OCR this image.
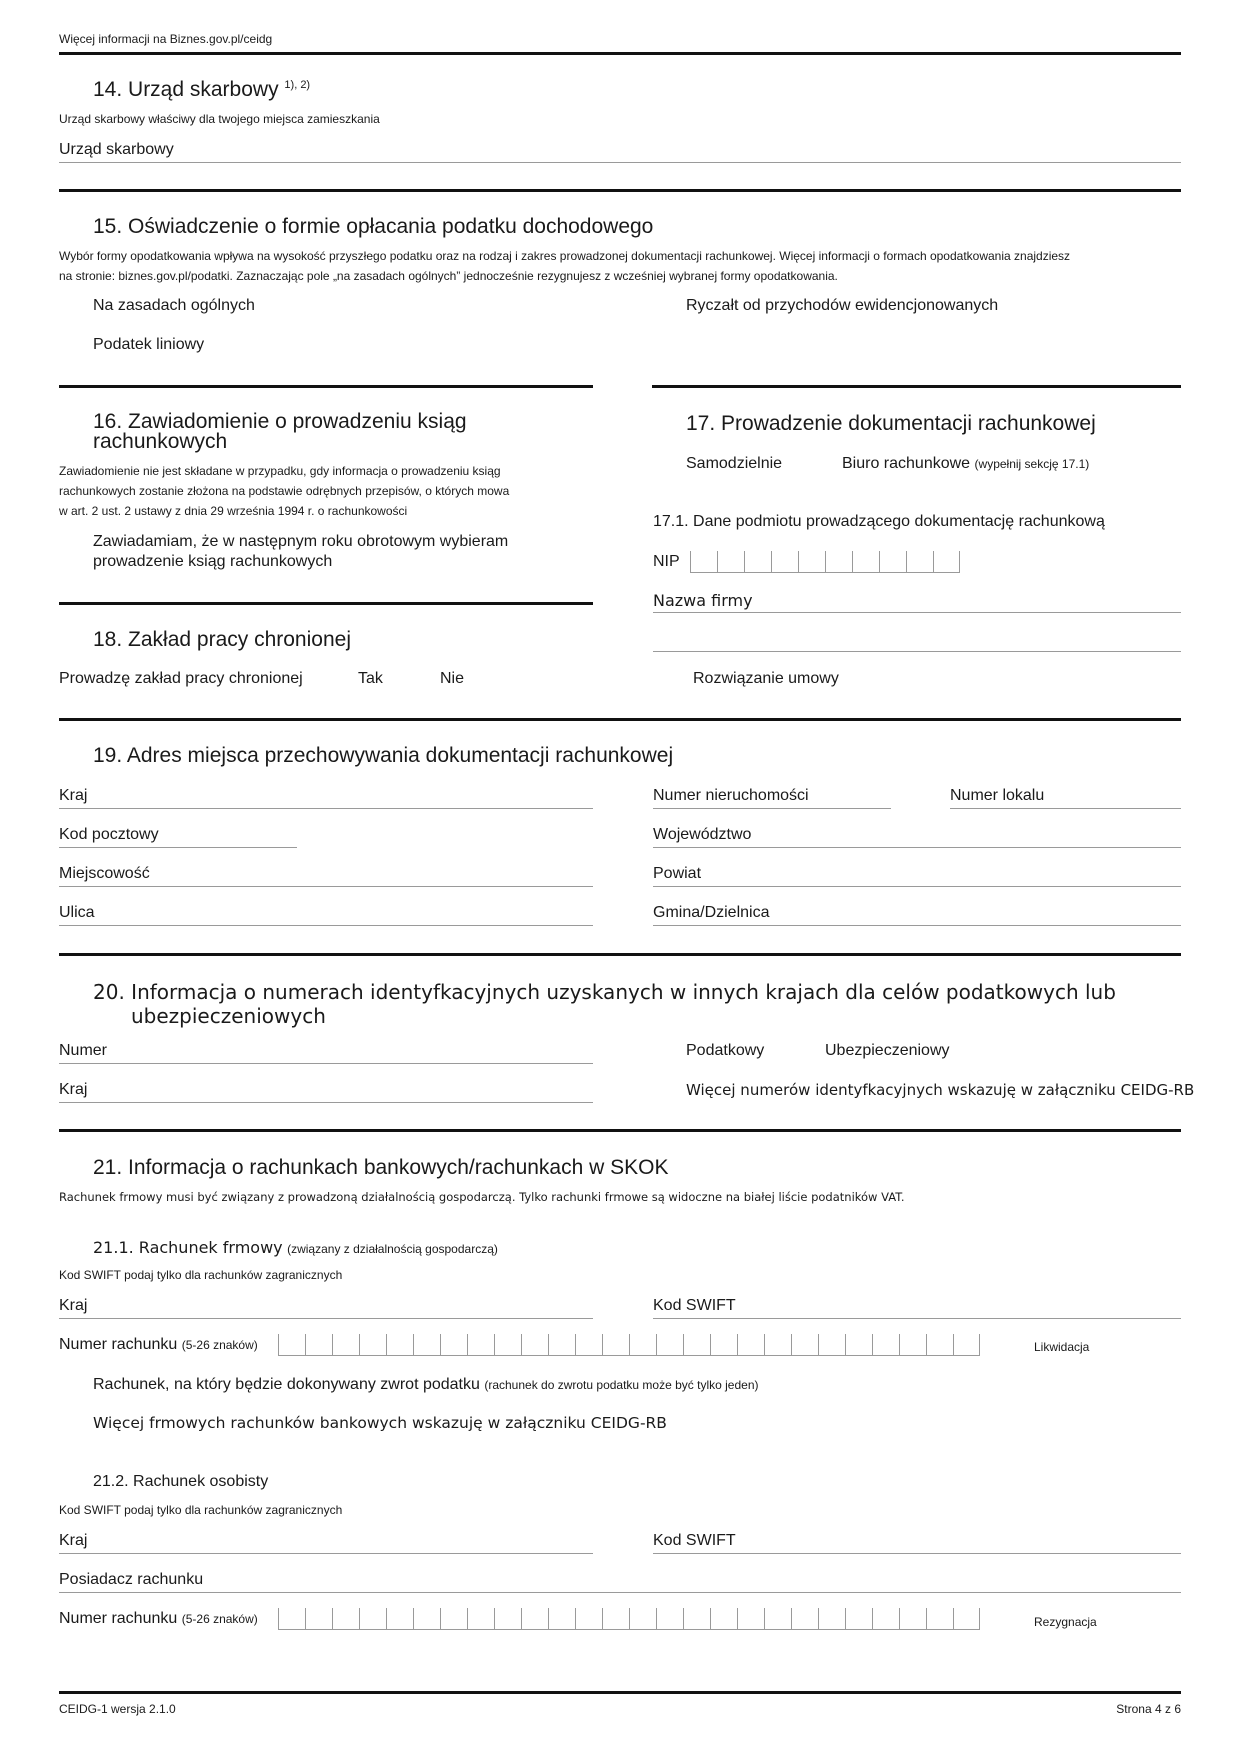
Więcej informacji na Biznes.gov.pl/ceidg
14. Urząd skarbowy $^{1), 2)}$
Urząd skarbowy właściwy dla twojego miejsca zamieszkania
Urząd skarbowy
15. Oświadczenie o formie opłacania podatku dochodowego
Wybór formy opodatkowania wpływa na wysokość przyszłego podatku oraz na rodzaj i zakres prowadzonej dokumentacji rachunkowej. Więcej informacji o formach opodatkowania znajdziesz
na stronie: biznes.gov.pl/podatki. Zaznaczając pole „na zasadach ogólnych” jednocześnie rezygnujesz z wcześniej wybranej formy opodatkowania.
Na zasadach ogólnych	Ryczałt od przychodów ewidencjonowanych
Podatek liniowy
16. Zawiadomienie o prowadzeniu ksiąg
rachunkowych
Zawiadomienie nie jest składane w przypadku, gdy informacja o prowadzeniu ksiąg
rachunkowych zostanie złożona na podstawie odrębnych przepisów, o których mowa
w art. 2 ust. 2 ustawy z dnia 29 września 1994 r. o rachunkowości
Zawiadamiam, że w następnym roku obrotowym wybieram
prowadzenie ksiąg rachunkowych
17. Prowadzenie dokumentacji rachunkowej
Samodzielnie	Biuro rachunkowe (wypełnij sekcję 17.1)
17.1. Dane podmiotu prowadzącego dokumentację rachunkową
NIP
Nazwa firmy
Rozwiązanie umowy
18. Zakład pracy chronionej
Prowadzę zakład pracy chronionej	Tak	Nie
19. Adres miejsca przechowywania dokumentacji rachunkowej
Kraj	Numer nieruchomości	Numer lokalu
Kod pocztowy	Województwo
Miejscowość	Powiat
Ulica	Gmina/Dzielnica
20. Informacja o numerach identyfkacyjnych uzyskanych w innych krajach dla celów podatkowych lub
ubezpieczeniowych
Numer
Kraj
Podatkowy	Ubezpieczeniowy
Więcej numerów identyfkacyjnych wskazuję w załączniku CEIDG-RB
21. Informacja o rachunkach bankowych/rachunkach w SKOK
Rachunek frmowy musi być związany z prowadzoną działalnością gospodarczą. Tylko rachunki frmowe są widoczne na białej liście podatników VAT.
21.1. Rachunek frmowy (związany z działalnością gospodarczą)
Kod SWIFT podaj tylko dla rachunków zagranicznych
Kraj	Kod SWIFT
Numer rachunku (5-26 znaków)	Likwidacja
Rachunek, na który będzie dokonywany zwrot podatku (rachunek do zwrotu podatku może być tylko jeden)
Więcej frmowych rachunków bankowych wskazuję w załączniku CEIDG-RB
21.2. Rachunek osobisty
Kod SWIFT podaj tylko dla rachunków zagranicznych
Kraj	Kod SWIFT
Posiadacz rachunku
Numer rachunku (5-26 znaków)	Rezygnacja
CEIDG-1 wersja 2.1.0	Strona 4 z 6
